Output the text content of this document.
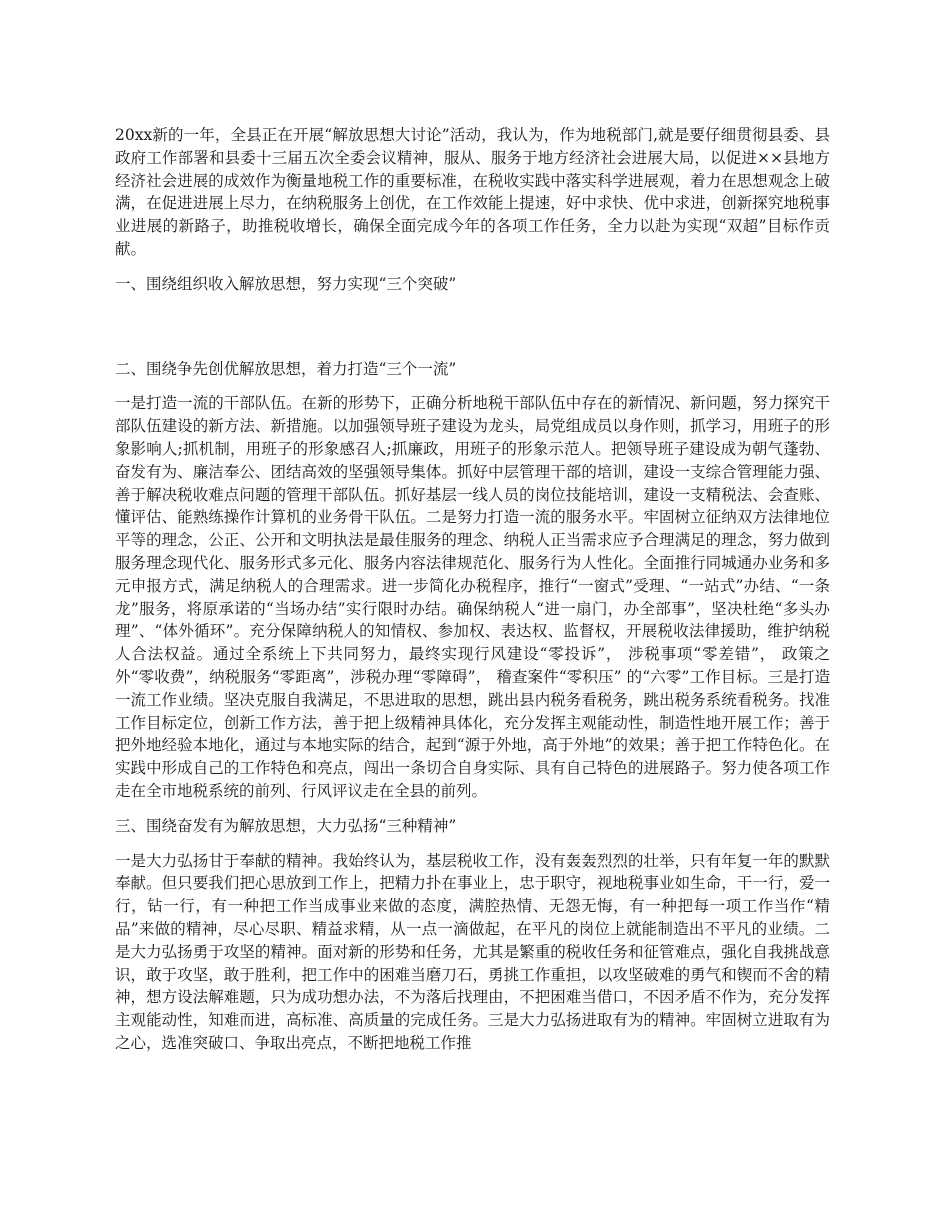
20xx新的一年，全县正在开展“解放思想大讨论”活动，我认为，作为地税部门,就是要仔细贯彻县委、县政府工作部署和县委十三届五次全委会议精神，服从、服务于地方经济社会进展大局，以促进××县地方经济社会进展的成效作为衡量地税工作的重要标准，在税收实践中落实科学进展观，着力在思想观念上破满，在促进进展上尽力，在纳税服务上创优，在工作效能上提速，好中求快、优中求进，创新探究地税事业进展的新路子，助推税收增长，确保全面完成今年的各项工作任务，全力以赴为实现“双超”目标作贡献。

一、围绕组织收入解放思想，努力实现“三个突破”

二、围绕争先创优解放思想，着力打造“三个一流”

一是打造一流的干部队伍。在新的形势下，正确分析地税干部队伍中存在的新情况、新问题，努力探究干部队伍建设的新方法、新措施。以加强领导班子建设为龙头，局党组成员以身作则，抓学习，用班子的形象影响人;抓机制，用班子的形象感召人;抓廉政，用班子的形象示范人。把领导班子建设成为朝气蓬勃、奋发有为、廉洁奉公、团结高效的坚强领导集体。抓好中层管理干部的培训，建设一支综合管理能力强、善于解决税收难点问题的管理干部队伍。抓好基层一线人员的岗位技能培训，建设一支精税法、会查账、懂评估、能熟练操作计算机的业务骨干队伍。二是努力打造一流的服务水平。牢固树立征纳双方法律地位平等的理念，公正、公开和文明执法是最佳服务的理念、纳税人正当需求应予合理满足的理念，努力做到服务理念现代化、服务形式多元化、服务内容法律规范化、服务行为人性化。全面推行同城通办业务和多元申报方式，满足纳税人的合理需求。进一步简化办税程序，推行“一窗式”受理、“一站式”办结、“一条龙”服务，将原承诺的“当场办结”实行限时办结。确保纳税人“进一扇门，办全部事”，坚决杜绝“多头办理”、“体外循环”。充分保障纳税人的知情权、参加权、表达权、监督权，开展税收法律援助，维护纳税人合法权益。通过全系统上下共同努力，最终实现行风建设“零投诉”， 涉税事项“零差错”， 政策之外“零收费”，纳税服务“零距离”，涉税办理“零障碍”， 稽查案件“零积压” 的“六零”工作目标。三是打造一流工作业绩。坚决克服自我满足，不思进取的思想，跳出县内税务看税务，跳出税务系统看税务。找准工作目标定位，创新工作方法，善于把上级精神具体化，充分发挥主观能动性，制造性地开展工作；善于把外地经验本地化，通过与本地实际的结合，起到“源于外地，高于外地”的效果；善于把工作特色化。在实践中形成自己的工作特色和亮点，闯出一条切合自身实际、具有自己特色的进展路子。努力使各项工作走在全市地税系统的前列、行风评议走在全县的前列。

三、围绕奋发有为解放思想，大力弘扬“三种精神”

一是大力弘扬甘于奉献的精神。我始终认为，基层税收工作，没有轰轰烈烈的壮举，只有年复一年的默默奉献。但只要我们把心思放到工作上，把精力扑在事业上，忠于职守，视地税事业如生命，干一行，爱一行，钻一行，有一种把工作当成事业来做的态度，满腔热情、无怨无悔，有一种把每一项工作当作“精品”来做的精神，尽心尽职、精益求精，从一点一滴做起，在平凡的岗位上就能制造出不平凡的业绩。二是大力弘扬勇于攻坚的精神。面对新的形势和任务，尤其是繁重的税收任务和征管难点，强化自我挑战意识，敢于攻坚，敢于胜利，把工作中的困难当磨刀石，勇挑工作重担，以攻坚破难的勇气和锲而不舍的精神，想方设法解难题，只为成功想办法，不为落后找理由，不把困难当借口，不因矛盾不作为，充分发挥主观能动性，知难而进，高标准、高质量的完成任务。三是大力弘扬进取有为的精神。牢固树立进取有为之心，选准突破口、争取出亮点，不断把地税工作推
